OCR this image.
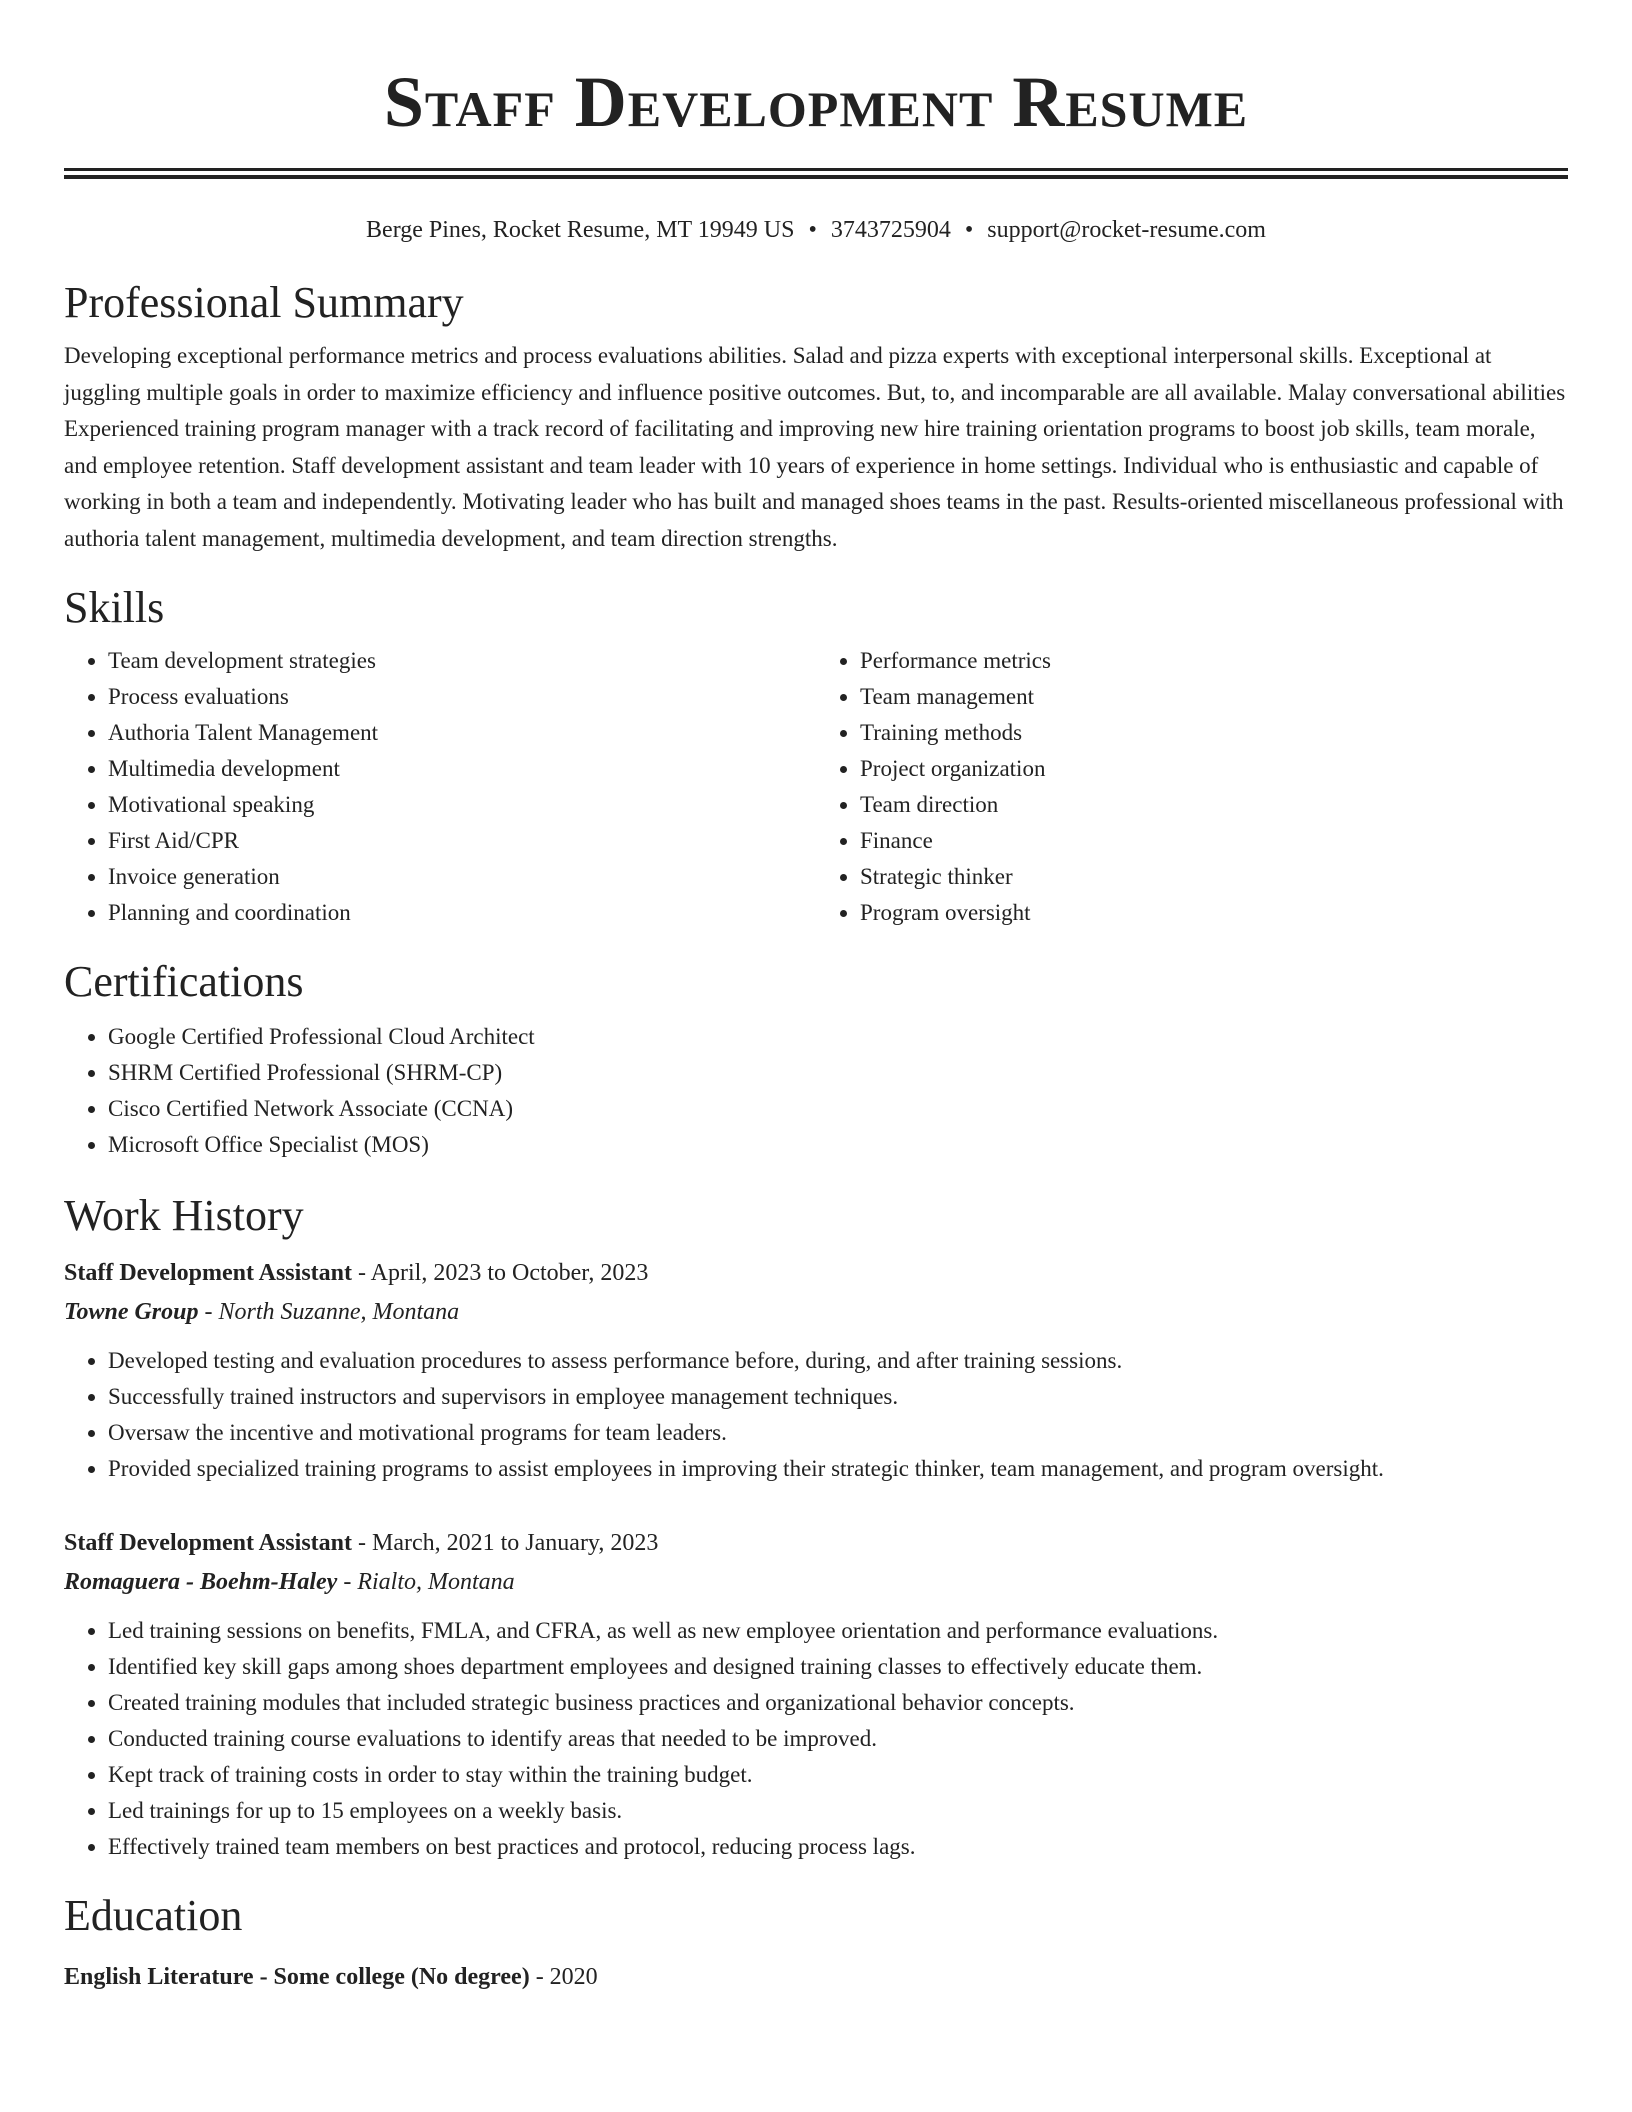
Staff Development Resume
Berge Pines, Rocket Resume, MT 19949 US • 3743725904 • support@rocket-resume.com
Professional Summary

Developing exceptional performance metrics and process evaluations abilities. Salad and pizza experts with exceptional interpersonal skills. Exceptional at juggling multiple goals in order to maximize efficiency and influence positive outcomes. But, to, and incomparable are all available. Malay conversational abilities Experienced training program manager with a track record of facilitating and improving new hire training orientation programs to boost job skills, team morale, and employee retention. Staff development assistant and team leader with 10 years of experience in home settings. Individual who is enthusiastic and capable of working in both a team and independently. Motivating leader who has built and managed shoes teams in the past. Results-oriented miscellaneous professional with authoria talent management, multimedia development, and team direction strengths.

Skills
• Team development strategies
• Process evaluations
• Authoria Talent Management
• Multimedia development
• Motivational speaking
• First Aid/CPR
• Invoice generation
• Planning and coordination
• Performance metrics
• Team management
• Training methods
• Project organization
• Team direction
• Finance
• Strategic thinker
• Program oversight
Certifications
• Google Certified Professional Cloud Architect
• SHRM Certified Professional (SHRM-CP)
• Cisco Certified Network Associate (CCNA)
• Microsoft Office Specialist (MOS)
Work History
Staff Development Assistant - April, 2023 to October, 2023
Towne Group - North Suzanne, Montana
• Developed testing and evaluation procedures to assess performance before, during, and after training sessions.
• Successfully trained instructors and supervisors in employee management techniques.
• Oversaw the incentive and motivational programs for team leaders.
• Provided specialized training programs to assist employees in improving their strategic thinker, team management, and program oversight.
Staff Development Assistant - March, 2021 to January, 2023
Romaguera - Boehm-Haley - Rialto, Montana
• Led training sessions on benefits, FMLA, and CFRA, as well as new employee orientation and performance evaluations.
• Identified key skill gaps among shoes department employees and designed training classes to effectively educate them.
• Created training modules that included strategic business practices and organizational behavior concepts.
• Conducted training course evaluations to identify areas that needed to be improved.
• Kept track of training costs in order to stay within the training budget.
• Led trainings for up to 15 employees on a weekly basis.
• Effectively trained team members on best practices and protocol, reducing process lags.
Education
English Literature - Some college (No degree) - 2020
